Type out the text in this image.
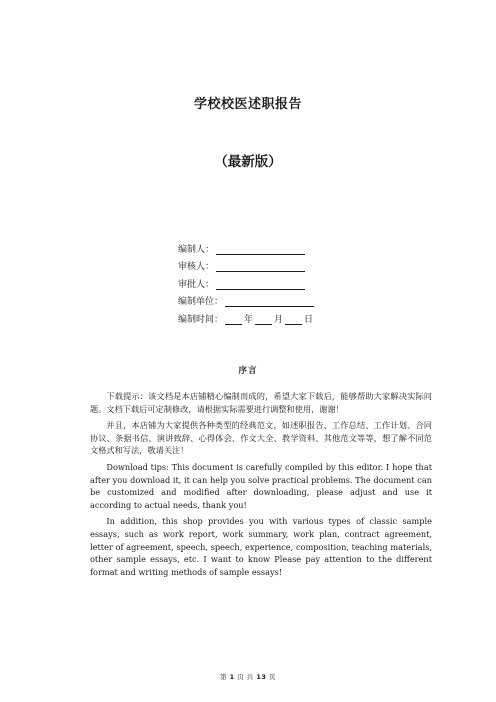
学校校医述职报告
（最新版）
编制人：
审核人：
审批人：
编制单位：
编制时间： 年 月 日
序言

下载提示：该文档是本店铺精心编制而成的，希望大家下载后，能够帮助大家解决实际问题。文档下载后可定制修改，请根据实际需要进行调整和使用，谢谢！

并且，本店铺为大家提供各种类型的经典范文，如述职报告、工作总结、工作计划、合同协议、条据书信、演讲致辞、心得体会、作文大全、教学资料、其他范文等等，想了解不同范文格式和写法，敬请关注！

Download tips: This document is carefully compiled by this editor. I hope that after you download it, it can help you solve practical problems. The document can be customized and modified after downloading, please adjust and use it according to actual needs, thank you!

In addition, this shop provides you with various types of classic sample essays, such as work report, work summary, work plan, contract agreement, letter of agreement, speech, speech, experience, composition, teaching materials, other sample essays, etc. I want to know Please pay attention to the different format and writing methods of sample essays!

第 1 页 共 13 页
